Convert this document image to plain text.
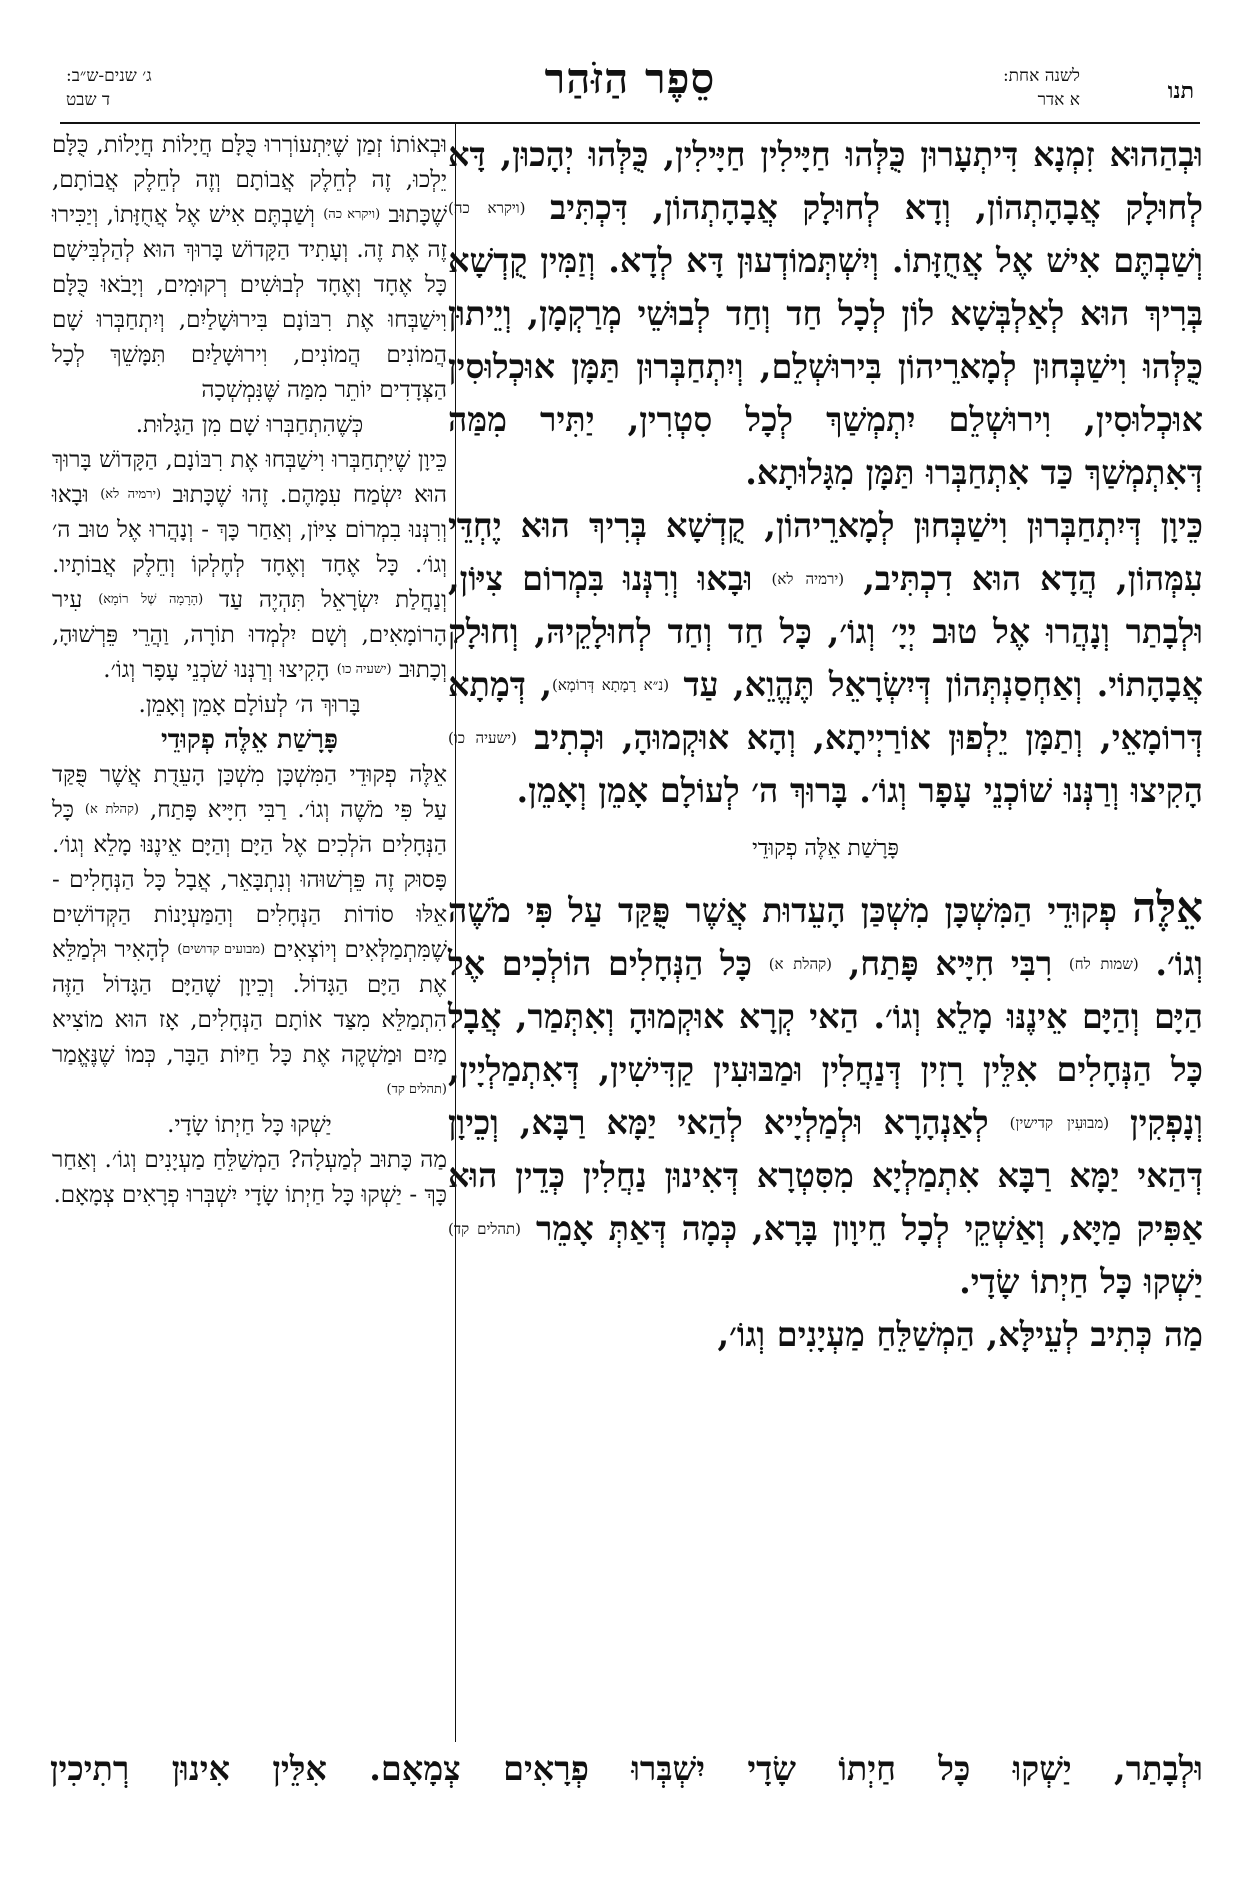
תנו
לשנה אחת:
א אדר
סֵפֶר הַזֹּהַר
ג׳ שנים-ש״ב:
ד שבט

וּבְהַהוּא זִמְנָא דִּיתְעָרוּן כֻּלְּהוּ חַיָּילִין חַיָּילִין, כֻּלְּהוּ יְהָכוּן, דָּא לְחוּלָק אֲבָהָתְהוֹן, וְדָא לְחוּלָק אֲבָהָתְהוֹן, דִּכְתִּיב (ויקרא כה) וְשַׁבְתֶּם אִישׁ אֶל אֲחֻזָּתוֹ. וְיִשְׁתְּמוֹדְעוּן דָּא לְדָא. וְזַמִּין קֻדְשָׁא בְּרִיךְ הוּא לְאַלְבְּשָׁא לוֹן לְכָל חַד וְחַד לְבוּשֵׁי מְרַקְמָן, וְיֵיתוּן כֻּלְּהוּ וִישַׁבְּחוּן לְמָארֵיהוֹן בִּירוּשְׁלֵם, וְיִתְחַבְּרוּן תַּמָּן אוּכְלוּסִין אוּכְלוּסִין, וִירוּשְׁלֵם יִתְמְשַׁךְ לְכָל סִטְרִין, יַתִּיר מִמַּה דְּאִתְמְשַׁךְ כַּד אִתְחַבְּרוּ תַּמָּן מִגָּלוּתָא.

כֵּיוָן דְּיִתְחַבְּרוּן וִישַׁבְּחוּן לְמָארֵיהוֹן, קֻדְשָׁא בְּרִיךְ הוּא יֶחְדֵּי עִמְּהוֹן, הֲדָא הוּא דִכְתִּיב, (ירמיה לא) וּבָאוּ וְרִנְּנוּ בִּמְרוֹם צִיּוֹן, וּלְבָתַר וְנָהֲרוּ אֶל טוּב יְיָ׳ וְגוֹ׳, כָּל חַד וְחַד לְחוּלָקֵיהּ, וְחוּלָק אֲבָהָתוֹי. וְאַחְסַנְתְּהוֹן דְּיִשְׂרָאֵל תֶּהֱוֵא, עַד (נ״א רָמָתָא דְּרוֹמָא), דְּמָתָא דְּרוֹמָאֵי, וְתַמָּן יֵלְפוּן אוֹרַיְיתָא, וְהָא אוּקְמוּהָ, וּכְתִיב (ישעיה כו) הָקִיצוּ וְרַנְּנוּ שׁוֹכְנֵי עָפָר וְגוֹ׳. בָּרוּךְ ה׳ לְעוֹלָם אָמֵן וְאָמֵן.

פָּרָשַׁת אֵלֶּה פְקוּדֵי

אֵלֶּה פְקוּדֵי הַמִּשְׁכָּן מִשְׁכַּן הָעֵדוּת אֲשֶׁר פֻּקַּד עַל פִּי מֹשֶׁה וְגוֹ׳. (שמות לח) רִבִּי חִיָּיא פָּתַח, (קהלת א) כָּל הַנְּחָלִים הוֹלְכִים אֶל הַיָּם וְהַיָּם אֵינֶנּוּ מָלֵא וְגוֹ׳. הַאי קְרָא אוּקְמוּהָ וְאִתְּמַר, אֲבָל כָּל הַנְּחָלִים אִלֵּין רָזִין דְּנַחֲלִין וּמַבּוּעִין קַדִּישִׁין, דְּאִתְמַלְיָין, וְנָפְקִין (מבוּעִין קדישין) לְאַנְהָרָא וּלְמַלְיָיא לְהַאי יַמָּא רַבָּא, וְכֵיוָן דְּהַאי יַמָּא רַבָּא אִתְמַלְיָא מִסִּטְרָא דְּאִינוּן נַחֲלִין כְּדֵין הוּא אַפִּיק מַיָּא, וְאַשְׁקֵי לְכָל חֵיוָון בָּרָא, כְּמָה דְּאַתְּ אָמֵר (תהלים קד) יַשְׁקוּ כָּל חַיְתוֹ שָׂדָי.

מַה כְּתִיב לְעֵילָּא, הַמְשַׁלֵּחַ מַעְיָנִים וְגוֹ׳,

וּבְאוֹתוֹ זְמַן שֶׁיִּתְעוֹרְרוּ כֻּלָּם חֲיָלוֹת חֲיָלוֹת, כֻּלָּם יֵלְכוּ, זֶה לְחֵלֶק אֲבוֹתָם וְזֶה לְחֵלֶק אֲבוֹתָם, שֶׁכָּתוּב (ויקרא כה) וְשַׁבְתֶּם אִישׁ אֶל אֲחֻזָּתוֹ, וְיַכִּירוּ זֶה אֶת זֶה. וְעָתִיד הַקָּדוֹשׁ בָּרוּךְ הוּא לְהַלְבִּישָׁם כָּל אֶחָד וְאֶחָד לְבוּשִׁים רְקוּמִים, וְיָבֹאוּ כֻּלָּם וִישַׁבְּחוּ אֶת רִבּוֹנָם בִּירוּשָׁלַיִם, וְיִתְחַבְּרוּ שָׁם הֲמוֹנִים הֲמוֹנִים, וִירוּשָׁלַיִם תִּמָּשֵׁךְ לְכָל הַצְּדָדִים יוֹתֵר מִמַּה שֶּׁנִּמְשְׁכָה

כְּשֶׁהִתְחַבְּרוּ שָׁם מִן הַגָּלוּת.

כֵּיוָן שֶׁיִּתְחַבְּרוּ וִישַׁבְּחוּ אֶת רִבּוֹנָם, הַקָּדוֹשׁ בָּרוּךְ הוּא יִשְׂמַח עִמָּהֶם. זֶהוּ שֶׁכָּתוּב (ירמיה לא) וּבָאוּ וְרִנְּנוּ בִמְרוֹם צִיּוֹן, וְאַחַר כָּךְ - וְנָהֲרוּ אֶל טוּב ה׳ וְגוֹ׳. כָּל אֶחָד וְאֶחָד לְחֶלְקוֹ וְחֵלֶק אֲבוֹתָיו. וְנַחֲלַת יִשְׂרָאֵל תִּהְיֶה עַד (הָרָמָה שֶׁל רוֹמָא) עִיר הָרוֹמָאִים, וְשָׁם יִלְמְדוּ תוֹרָה, וַהֲרֵי פֵּרְשׁוּהָ, וְכָתוּב (ישעיה כו) הָקִיצוּ וְרַנְּנוּ שֹׁכְנֵי עָפָר וְגוֹ׳.

בָּרוּךְ ה׳ לְעוֹלָם אָמֵן וְאָמֵן.

פָּרָשַׁת אֵלֶּה פְקוּדֵי

אֵלֶּה פְקוּדֵי הַמִּשְׁכָּן מִשְׁכַּן הָעֵדֻת אֲשֶׁר פֻּקַּד עַל פִּי מֹשֶׁה וְגוֹ׳. רַבִּי חִיָּיא פָּתַח, (קהלת א) כָּל הַנְּחָלִים הֹלְכִים אֶל הַיָּם וְהַיָּם אֵינֶנּוּ מָלֵא וְגוֹ׳. פָּסוּק זֶה פֵּרְשׁוּהוּ וְנִתְבָּאֵר, אֲבָל כָּל הַנְּחָלִים - אֵלּוּ סוֹדוֹת הַנְּחָלִים וְהַמַּעְיָנוֹת הַקְּדוֹשִׁים שֶׁמִּתְמַלְּאִים וְיוֹצְאִים (מבועים קדושים) לְהָאִיר וּלְמַלֵּא אֶת הַיָּם הַגָּדוֹל. וְכֵיוָן שֶׁהַיָּם הַגָּדוֹל הַזֶּה הִתְמַלֵּא מִצַּד אוֹתָם הַנְּחָלִים, אָז הוּא מוֹצִיא מַיִם וּמַשְׁקֶה אֶת כָּל חַיּוֹת הַבָּר, כְּמוֹ שֶׁנֶּאֱמַר (תהלים קד)

יַשְׁקוּ כָּל חַיְתוֹ שָׂדָי.

מַה כָּתוּב לְמַעְלָה? הַמְשַׁלֵּחַ מַעְיָנִים וְגוֹ׳. וְאַחַר כָּךְ - יַשְׁקוּ כָּל חַיְתוֹ שָׂדָי יִשְׁבְּרוּ פְרָאִים צְמָאָם.

וּלְבָתַר, יַשְׁקוּ כָּל חַיְתוֹ שָׂדָי יִשְׁבְּרוּ פְרָאִים צְמָאָם. אִלֵּין אִינוּן רְתִיכִין
